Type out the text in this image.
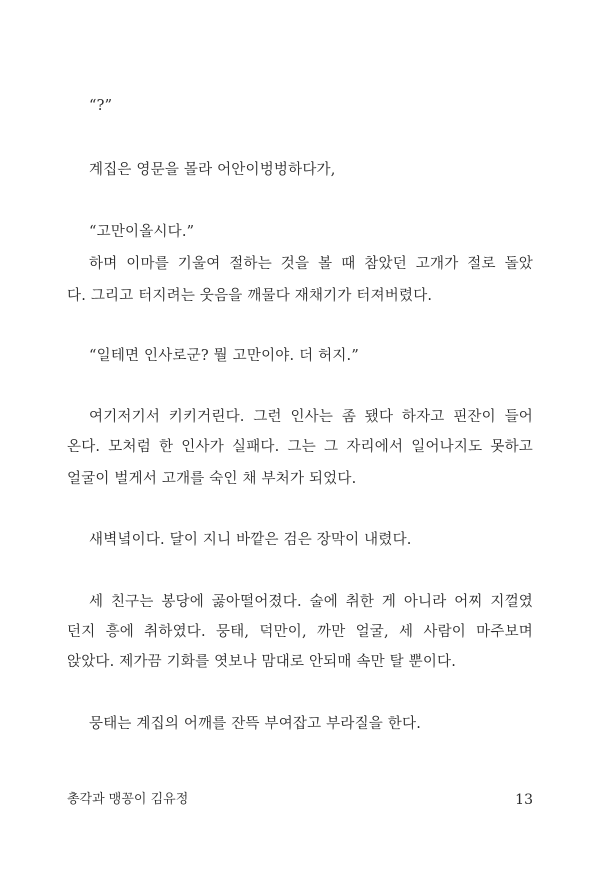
“?”
계집은 영문을 몰라 어안이벙벙하다가,
“고만이올시다.”
하며 이마를 기울여 절하는 것을 볼 때 참았던 고개가 절로 돌았
다. 그리고 터지려는 웃음을 깨물다 재채기가 터져버렸다.
“일테면 인사로군? 뭘 고만이야. 더 허지.”
여기저기서 키키거린다. 그런 인사는 좀 됐다 하자고 핀잔이 들어
온다. 모처럼 한 인사가 실패다. 그는 그 자리에서 일어나지도 못하고
얼굴이 벌게서 고개를 숙인 채 부처가 되었다.
새벽녘이다. 달이 지니 바깥은 검은 장막이 내렸다.
세 친구는 봉당에 곯아떨어졌다. 술에 취한 게 아니라 어찌 지껄였
던지 흥에 취하였다. 뭉태, 덕만이, 까만 얼굴, 세 사람이 마주보며
앉았다. 제가끔 기화를 엿보나 맘대로 안되매 속만 탈 뿐이다.
뭉태는 계집의 어깨를 잔뜩 부여잡고 부라질을 한다.
총각과 맹꽁이 김유정	13
